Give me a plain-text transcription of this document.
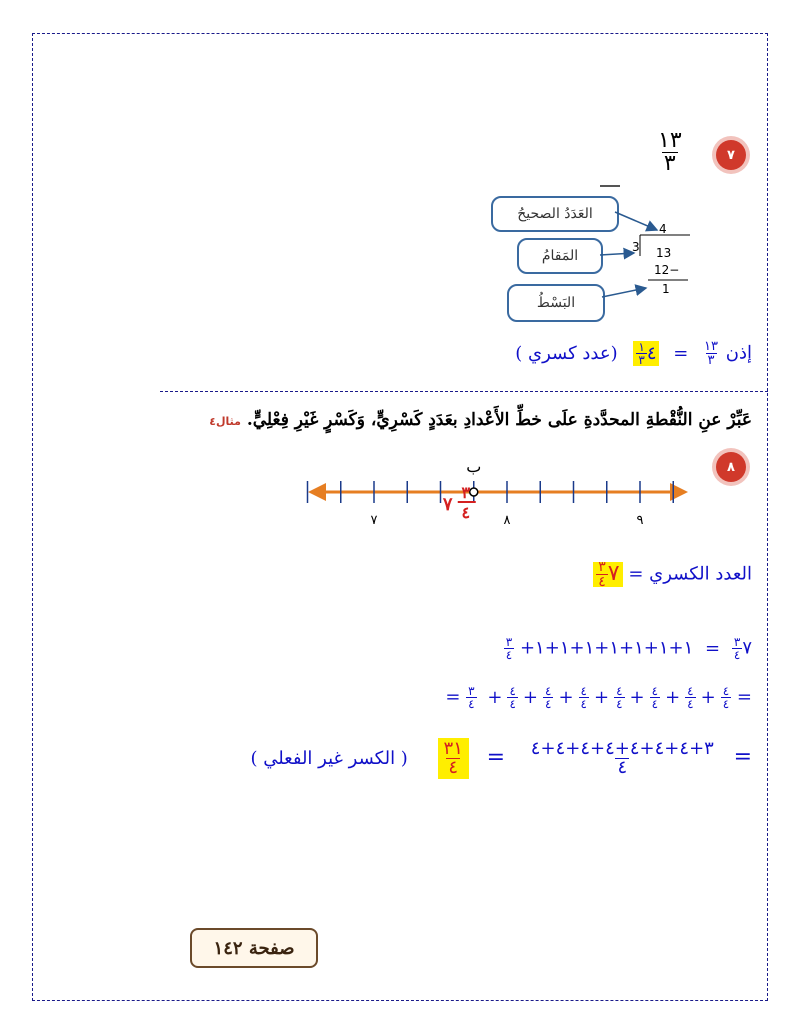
٧
$\frac{١٣}{٣}$
العَدَدُ الصحيحُ
المَقامُ
البَسْطُ
4
3 13
12−
1
إذن
$\frac{١٣}{٣}$
= ٤
$\frac{١}{٣}$
(عدد كسري )
عَبِّرْ عنِ النُّقْطةِ المحدَّدةِ علَى خطِّ الأَعْدادِ بعَدَدٍ كَسْرِيٍّ، وَكَسْرٍ غَيْرِ فِعْلِيٍّ. مثال٤
٨
٧	٨	٩
ب
٧
٣
٤
العدد الكسري = ٧
$\frac{٣}{٤}$
٧
$\frac{٣}{٤}$
= ١+١+١+١+١+١+١+
$\frac{٣}{٤}$
=
$\frac{٤}{٤}$
+
$\frac{٤}{٤}$
+
$\frac{٤}{٤}$
+
$\frac{٤}{٤}$
+
$\frac{٤}{٤}$
+
$\frac{٤}{٤}$
+
$\frac{٤}{٤}$
+
$\frac{٣}{٤}$
=
=
$\frac{٣+٤+٤+٤+٤+٤+٤+٤}{٤}$
=
$\frac{٣١}{٤}$
( الكسر غير الفعلي )
صفحة ١٤٢
